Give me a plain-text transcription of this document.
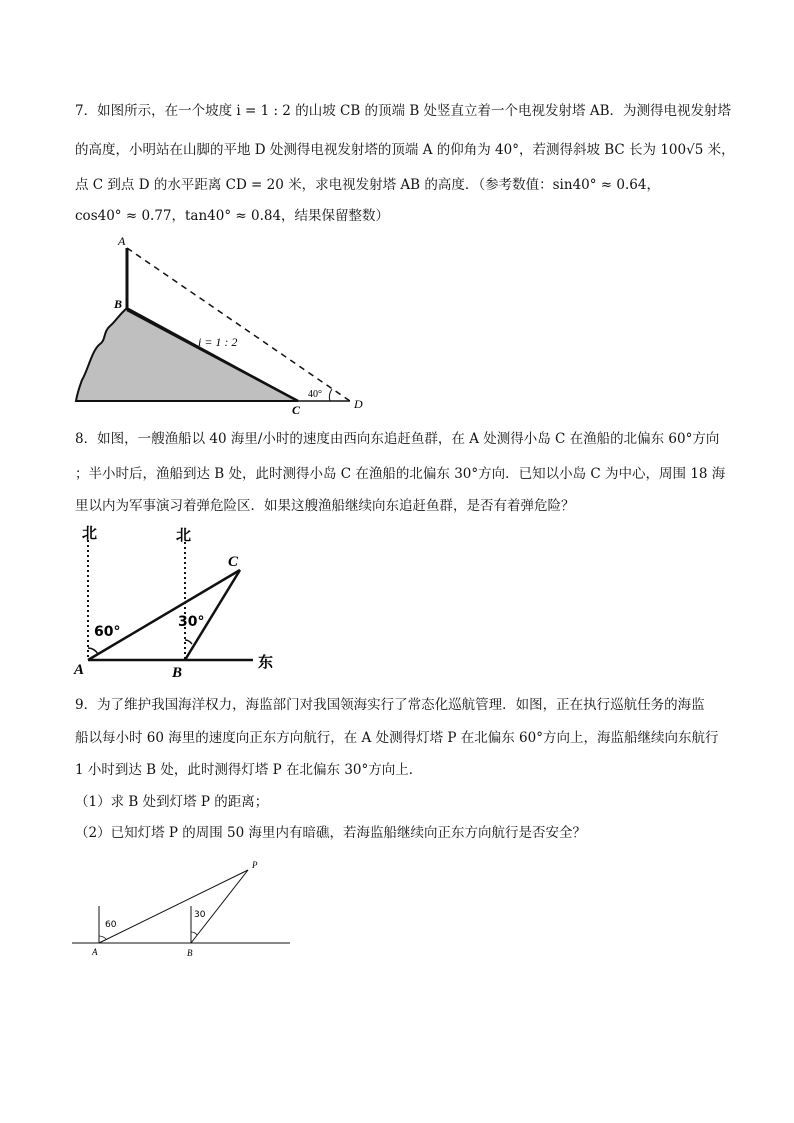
7．如图所示，在一个坡度 i = 1 : 2 的山坡 CB 的顶端 B 处竖直立着一个电视发射塔 AB．为测得电视发射塔
的高度，小明站在山脚的平地 D 处测得电视发射塔的顶端 A 的仰角为 40°，若测得斜坡 BC 长为 100√5 米，
点 C 到点 D 的水平距离 CD = 20 米，求电视发射塔 AB 的高度．（参考数值：sin40° ≈ 0.64，
cos40° ≈ 0.77，tan40° ≈ 0.84，结果保留整数）
A
B
C	D
i = 1 : 2
40°
8．如图，一艘渔船以 40 海里/小时的速度由西向东追赶鱼群，在 A 处测得小岛 C 在渔船的北偏东 60°方向
；半小时后，渔船到达 B 处，此时测得小岛 C 在渔船的北偏东 30°方向．已知以小岛 C 为中心，周围 18 海
里以内为军事演习着弹危险区．如果这艘渔船继续向东追赶鱼群，是否有着弹危险？
北	北
东
A	B
C
60°
30°
9．为了维护我国海洋权力，海监部门对我国领海实行了常态化巡航管理．如图，正在执行巡航任务的海监
船以每小时 60 海里的速度向正东方向航行，在 A 处测得灯塔 P 在北偏东 60°方向上，海监船继续向东航行
1 小时到达 B 处，此时测得灯塔 P 在北偏东 30°方向上．
（1）求 B 处到灯塔 P 的距离；
（2）已知灯塔 P 的周围 50 海里内有暗礁，若海监船继续向正东方向航行是否安全？
A	B
P
60
30
